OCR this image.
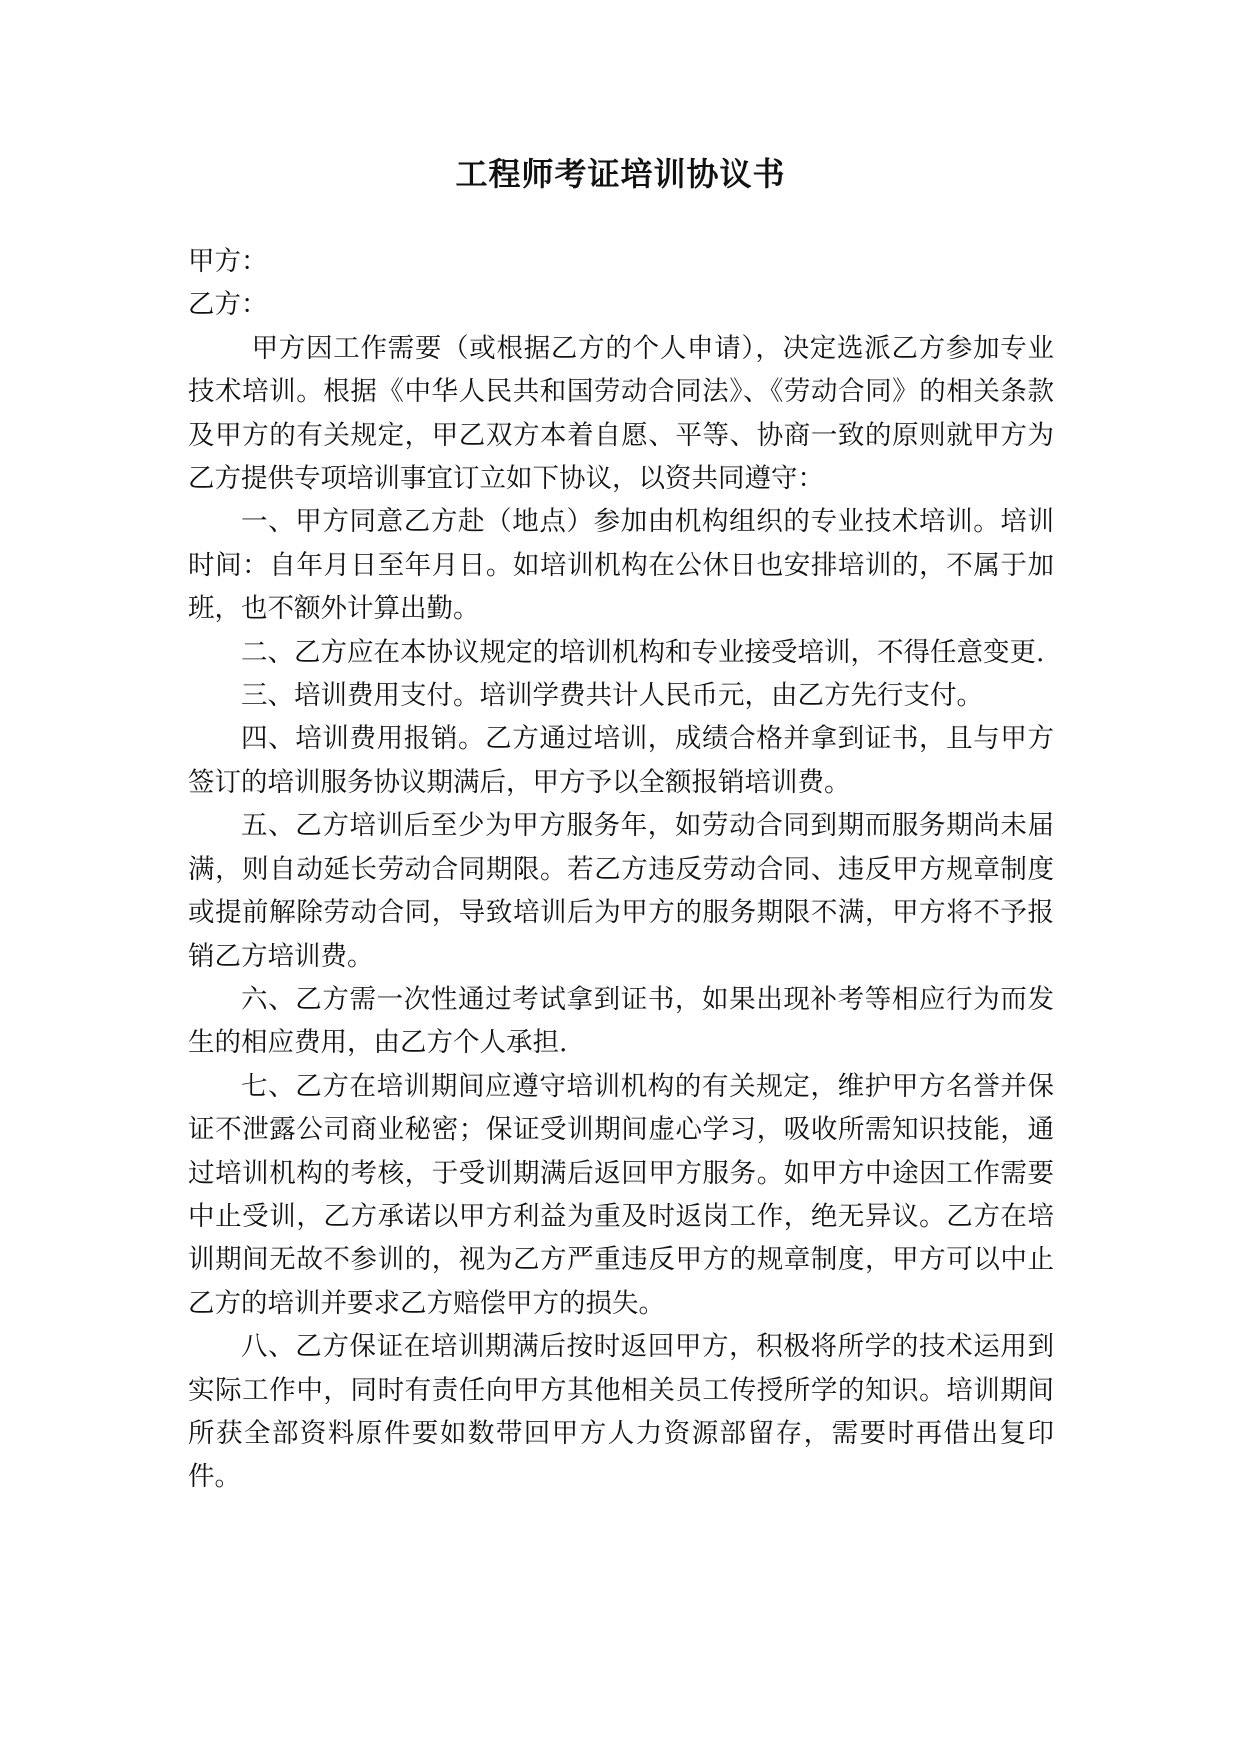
工程师考证培训协议书

甲方：

乙方：

甲方因工作需要（或根据乙方的个人申请），决定选派乙方参加专业技术培训。根据《中华人民共和国劳动合同法》、《劳动合同》的相关条款及甲方的有关规定，甲乙双方本着自愿、平等、协商一致的原则就甲方为乙方提供专项培训事宜订立如下协议，以资共同遵守：

一、甲方同意乙方赴（地点）参加由机构组织的专业技术培训。培训时间：自年月日至年月日。如培训机构在公休日也安排培训的，不属于加班，也不额外计算出勤。

二、乙方应在本协议规定的培训机构和专业接受培训，不得任意变更.

三、培训费用支付。培训学费共计人民币元，由乙方先行支付。

四、培训费用报销。乙方通过培训，成绩合格并拿到证书，且与甲方签订的培训服务协议期满后，甲方予以全额报销培训费。

五、乙方培训后至少为甲方服务年，如劳动合同到期而服务期尚未届满，则自动延长劳动合同期限。若乙方违反劳动合同、违反甲方规章制度或提前解除劳动合同，导致培训后为甲方的服务期限不满，甲方将不予报销乙方培训费。

六、乙方需一次性通过考试拿到证书，如果出现补考等相应行为而发生的相应费用，由乙方个人承担.

七、乙方在培训期间应遵守培训机构的有关规定，维护甲方名誉并保证不泄露公司商业秘密；保证受训期间虚心学习，吸收所需知识技能，通过培训机构的考核，于受训期满后返回甲方服务。如甲方中途因工作需要中止受训，乙方承诺以甲方利益为重及时返岗工作，绝无异议。乙方在培训期间无故不参训的，视为乙方严重违反甲方的规章制度，甲方可以中止乙方的培训并要求乙方赔偿甲方的损失。

八、乙方保证在培训期满后按时返回甲方，积极将所学的技术运用到实际工作中，同时有责任向甲方其他相关员工传授所学的知识。培训期间所获全部资料原件要如数带回甲方人力资源部留存，需要时再借出复印件。
